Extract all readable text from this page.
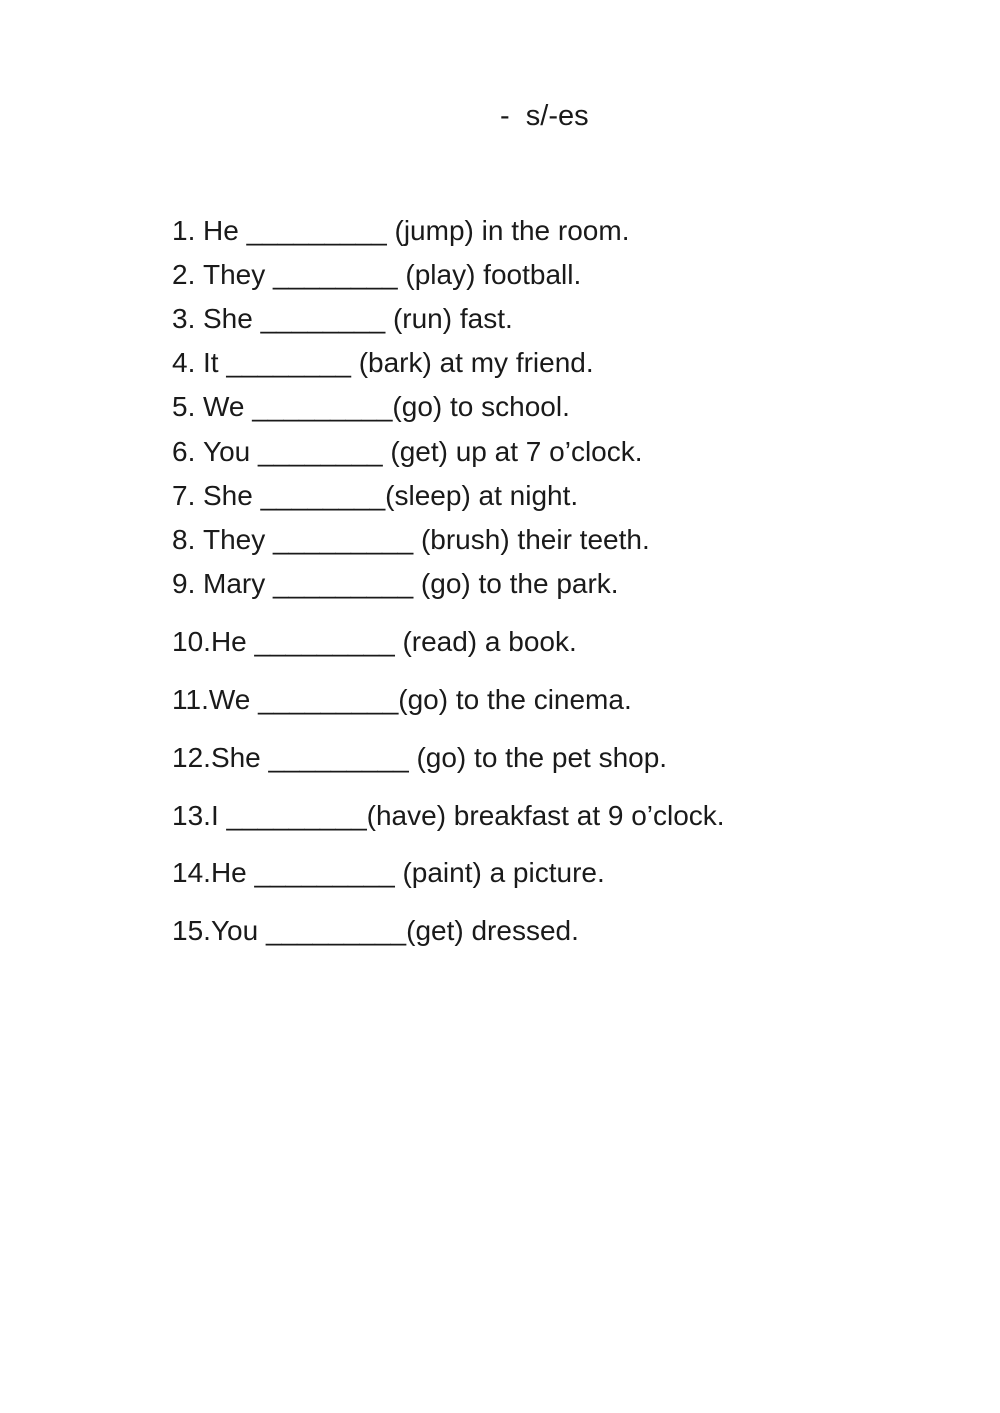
-  s/-es
1. He _________ (jump) in the room.
2. They ________ (play) football.
3. She ________ (run) fast.
4. It ________ (bark) at my friend.
5. We _________(go) to school.
6. You ________ (get) up at 7 o’clock.
7. She ________(sleep) at night.
8. They _________ (brush) their teeth.
9. Mary _________ (go) to the park.
10.He _________ (read) a book.
11.We _________(go) to the cinema.
12.She _________ (go) to the pet shop.
13.I _________(have) breakfast at 9 o’clock.
14.He _________ (paint) a picture.
15.You _________(get) dressed.
